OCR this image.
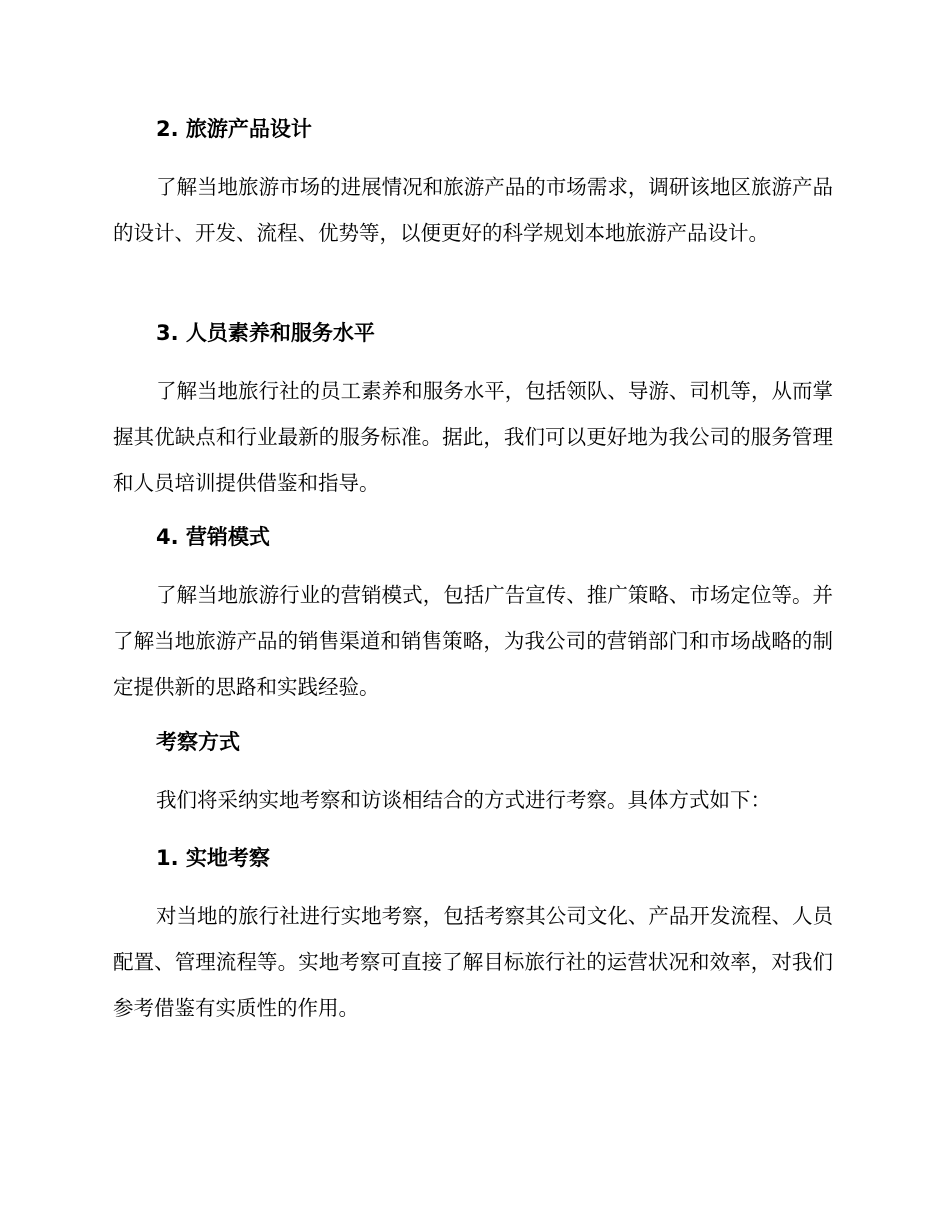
2. 旅游产品设计
了解当地旅游市场的进展情况和旅游产品的市场需求，调研该地区旅游产品的设计、开发、流程、优势等，以便更好的科学规划本地旅游产品设计。
3. 人员素养和服务水平
了解当地旅行社的员工素养和服务水平，包括领队、导游、司机等，从而掌握其优缺点和行业最新的服务标准。据此，我们可以更好地为我公司的服务管理和人员培训提供借鉴和指导。
4. 营销模式
了解当地旅游行业的营销模式，包括广告宣传、推广策略、市场定位等。并了解当地旅游产品的销售渠道和销售策略，为我公司的营销部门和市场战略的制定提供新的思路和实践经验。
考察方式
我们将采纳实地考察和访谈相结合的方式进行考察。具体方式如下：
1. 实地考察
对当地的旅行社进行实地考察，包括考察其公司文化、产品开发流程、人员配置、管理流程等。实地考察可直接了解目标旅行社的运营状况和效率，对我们参考借鉴有实质性的作用。
